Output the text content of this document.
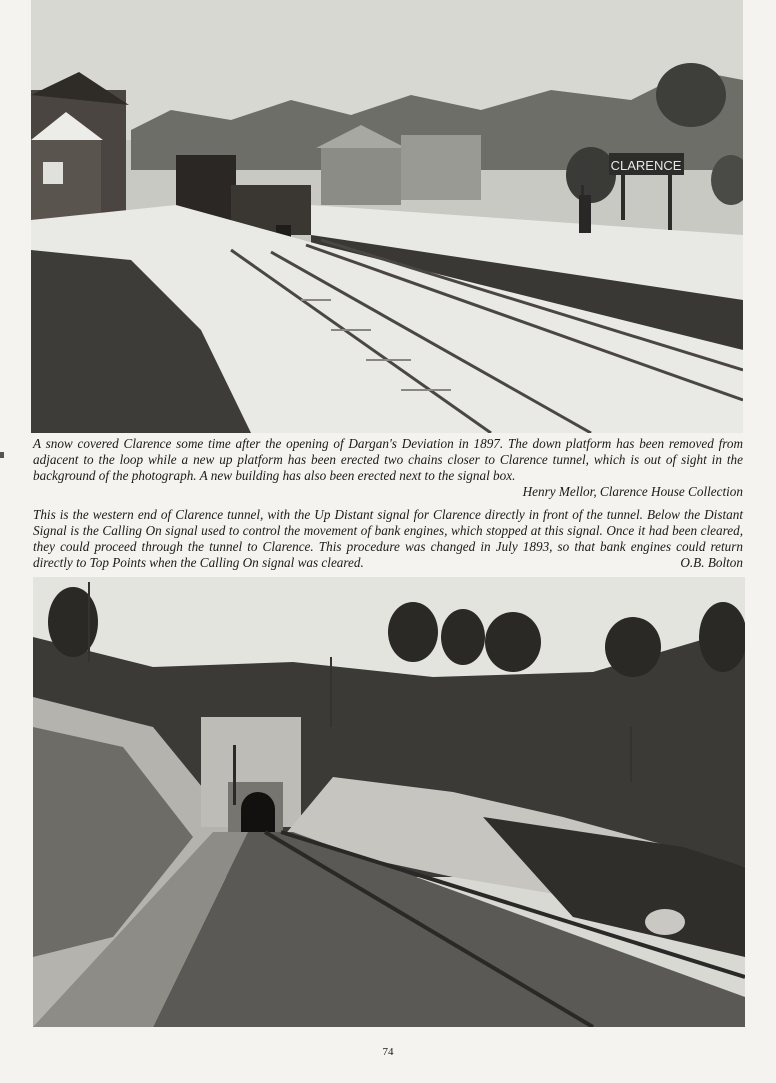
CLARENCE
A snow covered Clarence some time after the opening of Dargan's Deviation in 1897. The down platform has been removed from adjacent to the loop while a new up platform has been erected two chains closer to Clarence tunnel, which is out of sight in the background of the photograph. A new building has also been erected next to the signal box.
Henry Mellor, Clarence House Collection
This is the western end of Clarence tunnel, with the Up Distant signal for Clarence directly in front of the tunnel. Below the Distant Signal is the Calling On signal used to control the movement of bank engines, which stopped at this signal. Once it had been cleared, they could proceed through the tunnel to Clarence. This procedure was changed in July 1893, so that bank engines could return directly to Top Points when the Calling On signal was cleared.	O.B. Bolton
74
